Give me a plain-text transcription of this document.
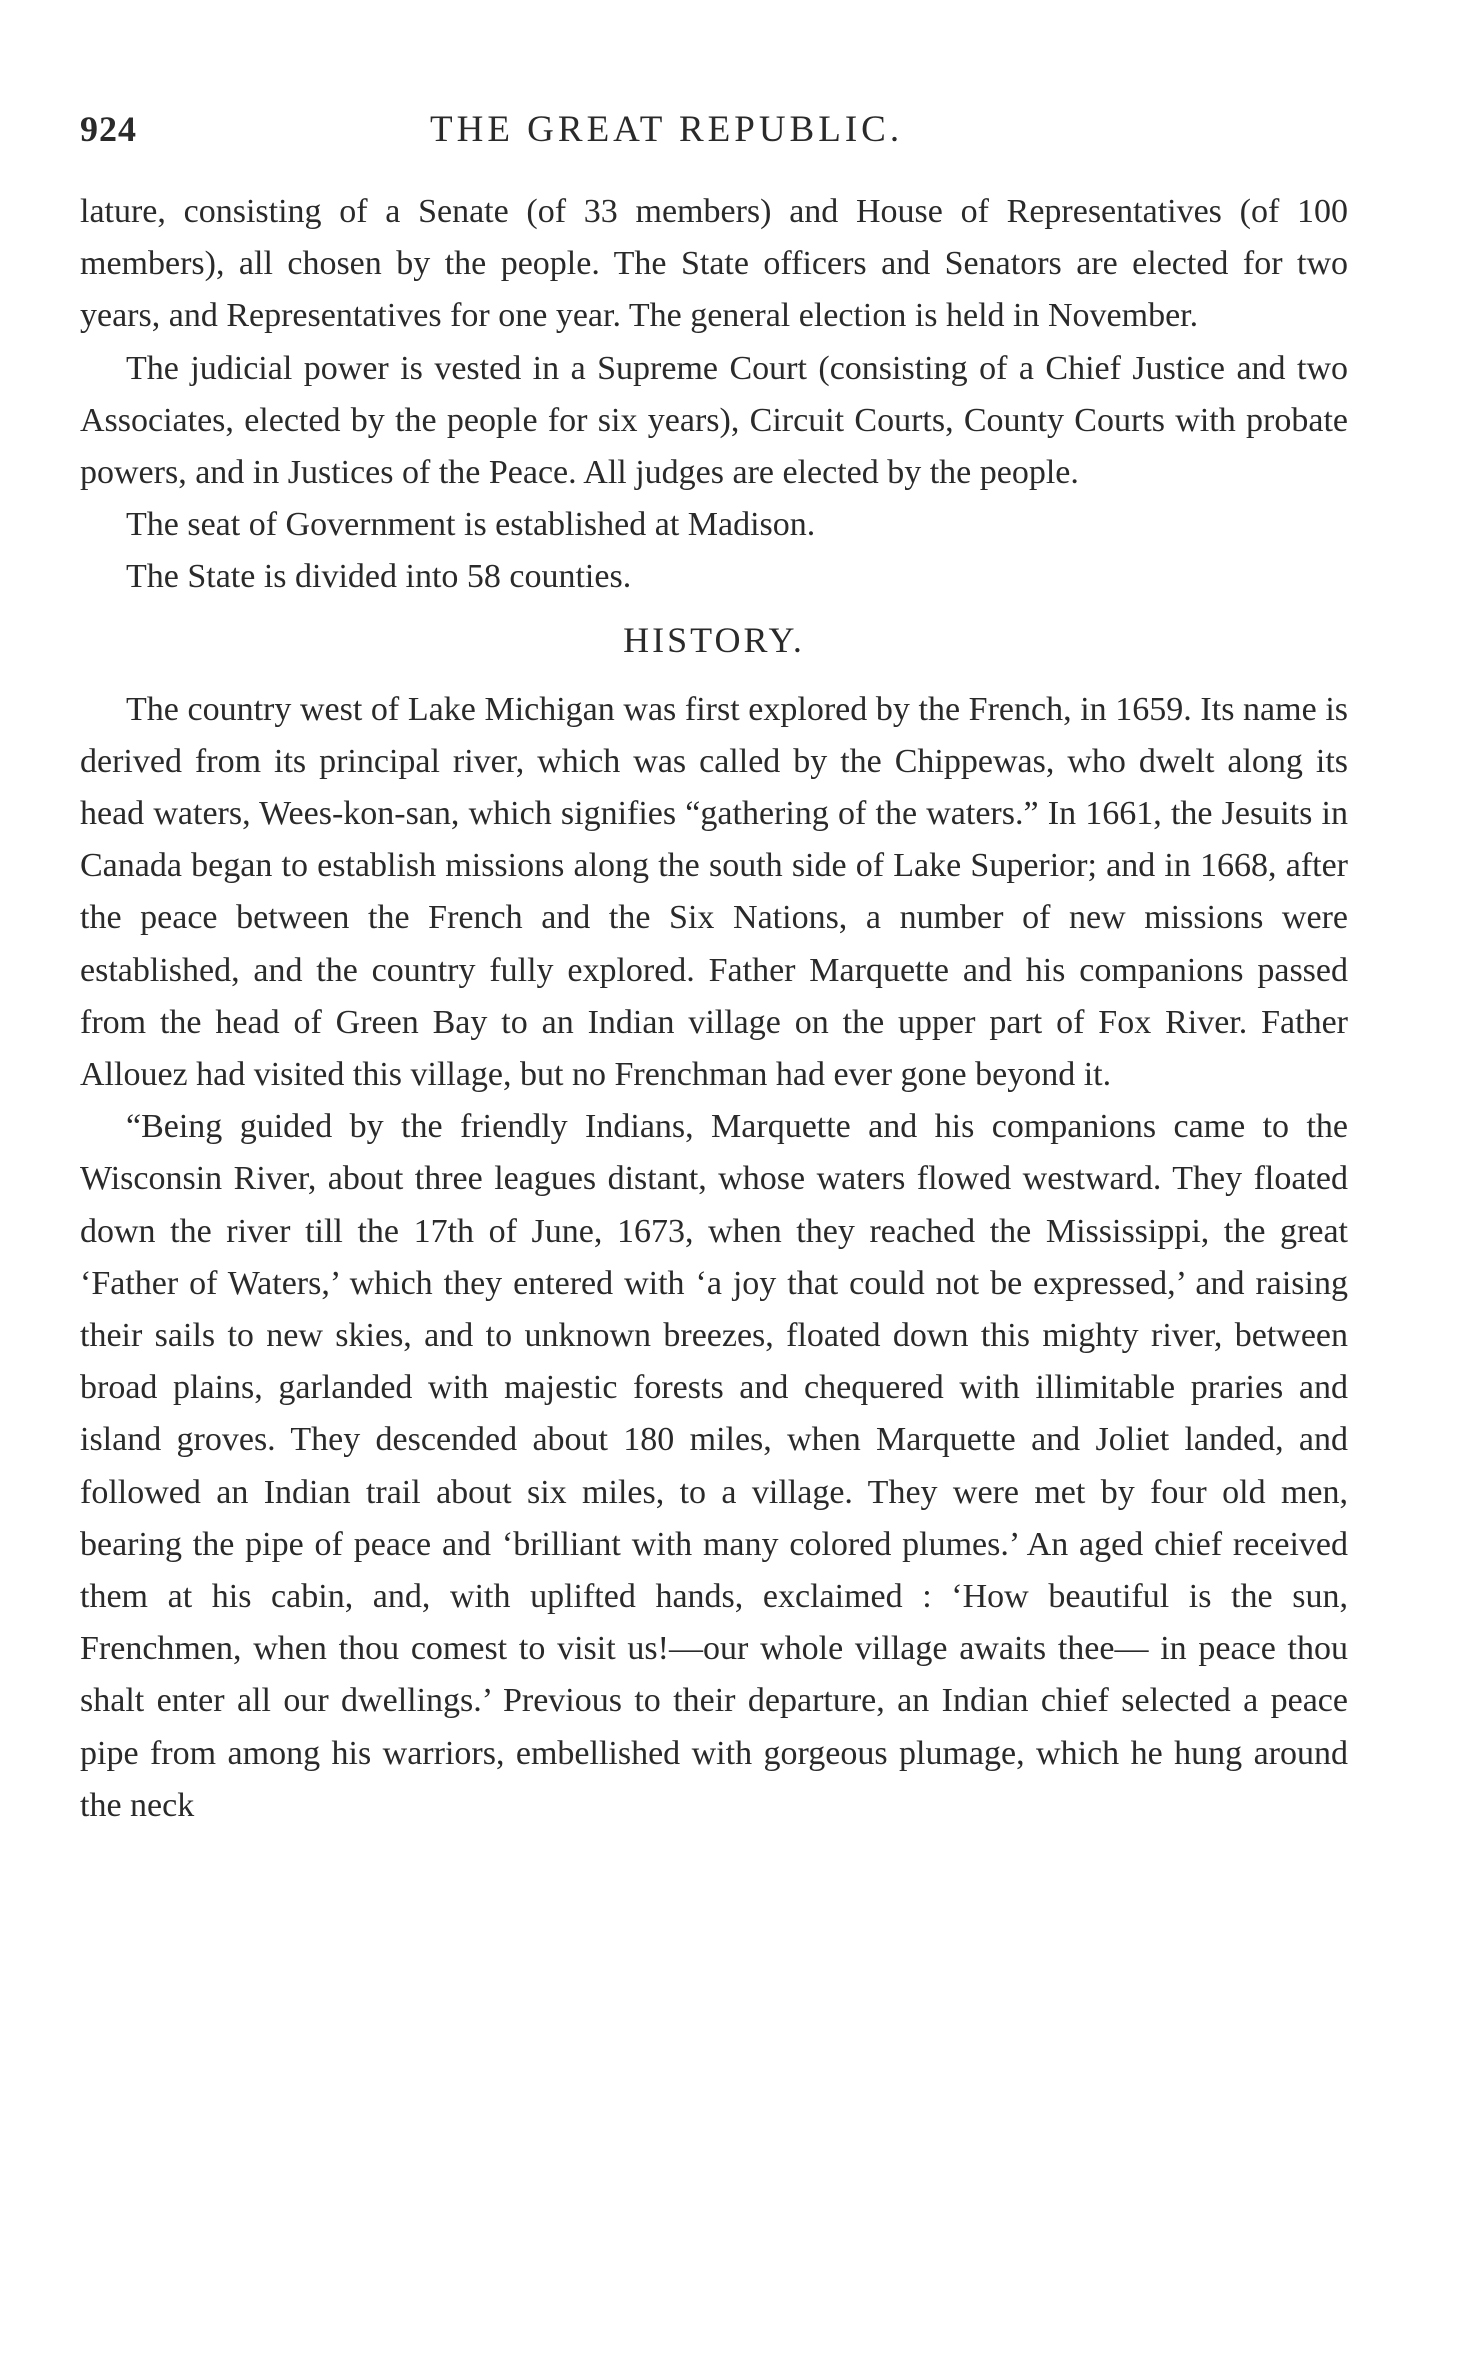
924	THE GREAT REPUBLIC.

lature, consisting of a Senate (of 33 members) and House of Representatives (of 100 members), all chosen by the people. The State officers and Senators are elected for two years, and Representatives for one year. The general election is held in November.

The judicial power is vested in a Supreme Court (consisting of a Chief Justice and two Associates, elected by the people for six years), Circuit Courts, County Courts with probate powers, and in Justices of the Peace. All judges are elected by the people.

The seat of Government is established at Madison.

The State is divided into 58 counties.

HISTORY.

The country west of Lake Michigan was first explored by the French, in 1659. Its name is derived from its principal river, which was called by the Chippewas, who dwelt along its head waters, Wees-kon-san, which signifies “gathering of the waters.” In 1661, the Jesuits in Canada began to establish missions along the south side of Lake Superior; and in 1668, after the peace between the French and the Six Nations, a number of new missions were established, and the country fully explored. Father Marquette and his companions passed from the head of Green Bay to an Indian village on the upper part of Fox River. Father Allouez had visited this village, but no Frenchman had ever gone beyond it.

“Being guided by the friendly Indians, Marquette and his companions came to the Wisconsin River, about three leagues distant, whose waters flowed westward. They floated down the river till the 17th of June, 1673, when they reached the Mississippi, the great ‘Father of Waters,’ which they entered with ‘a joy that could not be expressed,’ and raising their sails to new skies, and to unknown breezes, floated down this mighty river, between broad plains, garlanded with majestic forests and chequered with illimitable praries and island groves. They descended about 180 miles, when Marquette and Joliet landed, and followed an Indian trail about six miles, to a village. They were met by four old men, bearing the pipe of peace and ‘brilliant with many colored plumes.’ An aged chief received them at his cabin, and, with uplifted hands, exclaimed : ‘How beautiful is the sun, Frenchmen, when thou comest to visit us!—our whole village awaits thee— in peace thou shalt enter all our dwellings.’ Previous to their departure, an Indian chief selected a peace pipe from among his warriors, embellished with gorgeous plumage, which he hung around the neck
